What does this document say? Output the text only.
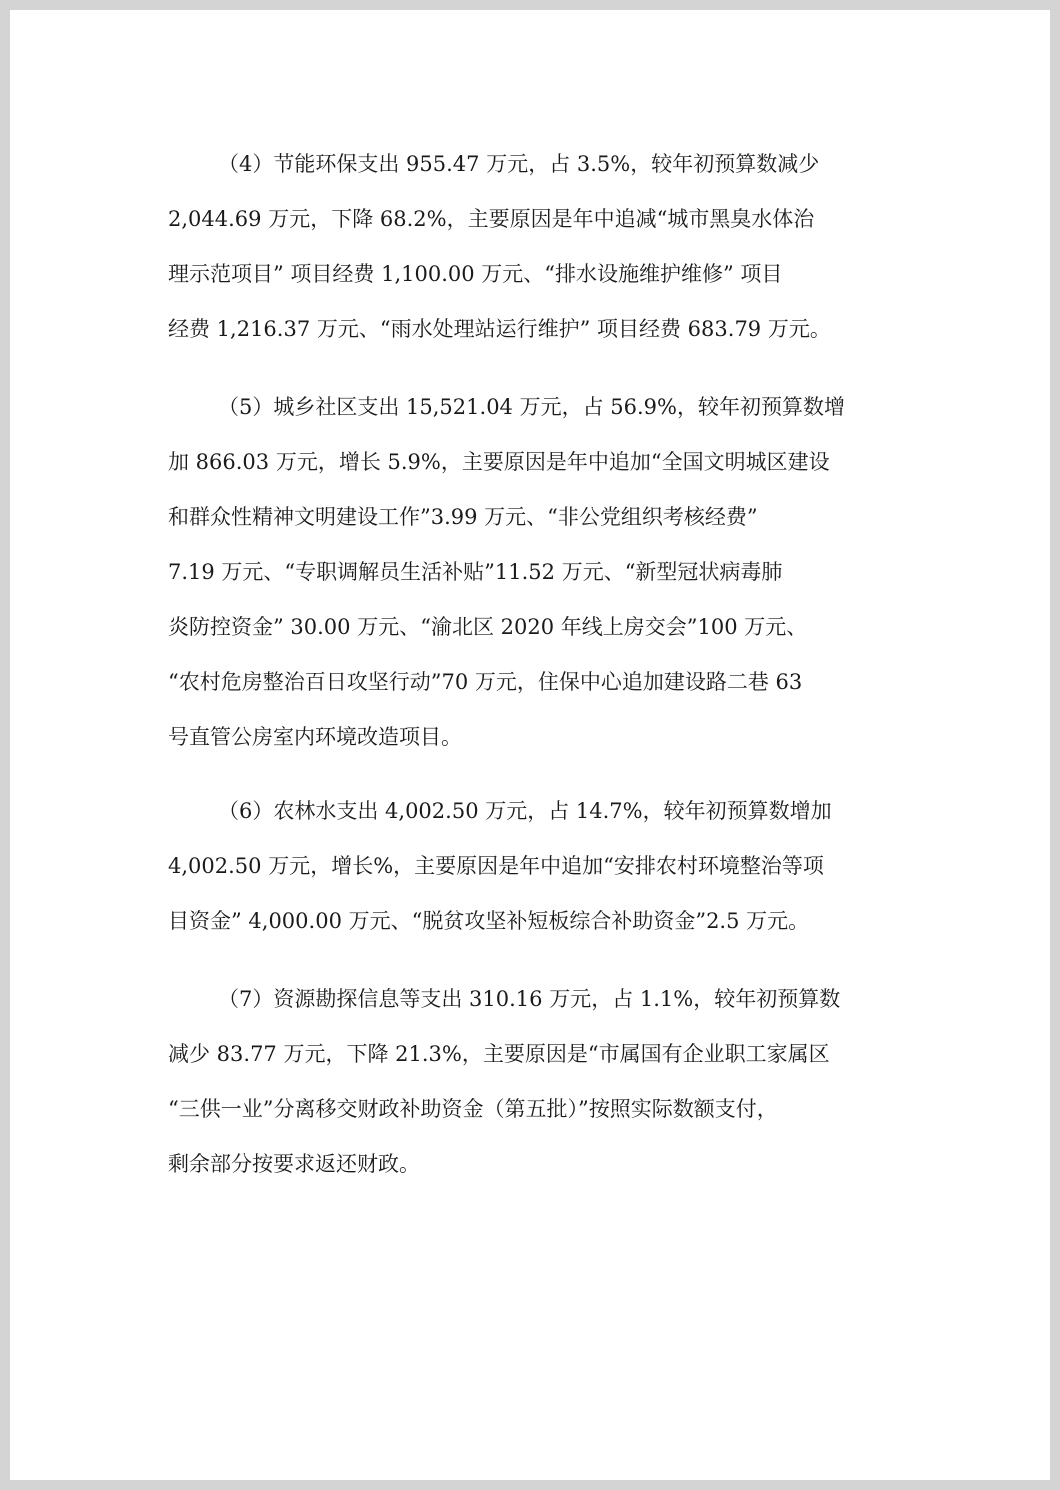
（4）节能环保支出 955.47 万元，占 3.5%，较年初预算数减少
2,044.69 万元，下降 68.2%，主要原因是年中追减“城市黑臭水体治
理示范项目” 项目经费 1,100.00 万元、“排水设施维护维修” 项目
经费 1,216.37 万元、“雨水处理站运行维护” 项目经费 683.79 万元。
（5）城乡社区支出 15,521.04 万元，占 56.9%，较年初预算数增
加 866.03 万元，增长 5.9%，主要原因是年中追加“全国文明城区建设
和群众性精神文明建设工作”3.99 万元、“非公党组织考核经费”
7.19 万元、“专职调解员生活补贴”11.52 万元、“新型冠状病毒肺
炎防控资金” 30.00 万元、“渝北区 2020 年线上房交会”100 万元、
“农村危房整治百日攻坚行动”70 万元，住保中心追加建设路二巷 63
号直管公房室内环境改造项目。
（6）农林水支出 4,002.50 万元，占 14.7%，较年初预算数增加
4,002.50 万元，增长%，主要原因是年中追加“安排农村环境整治等项
目资金” 4,000.00 万元、“脱贫攻坚补短板综合补助资金”2.5 万元。
（7）资源勘探信息等支出 310.16 万元，占 1.1%，较年初预算数
减少 83.77 万元，下降 21.3%，主要原因是“市属国有企业职工家属区
“三供一业”分离移交财政补助资金（第五批）”按照实际数额支付，
剩余部分按要求返还财政。
